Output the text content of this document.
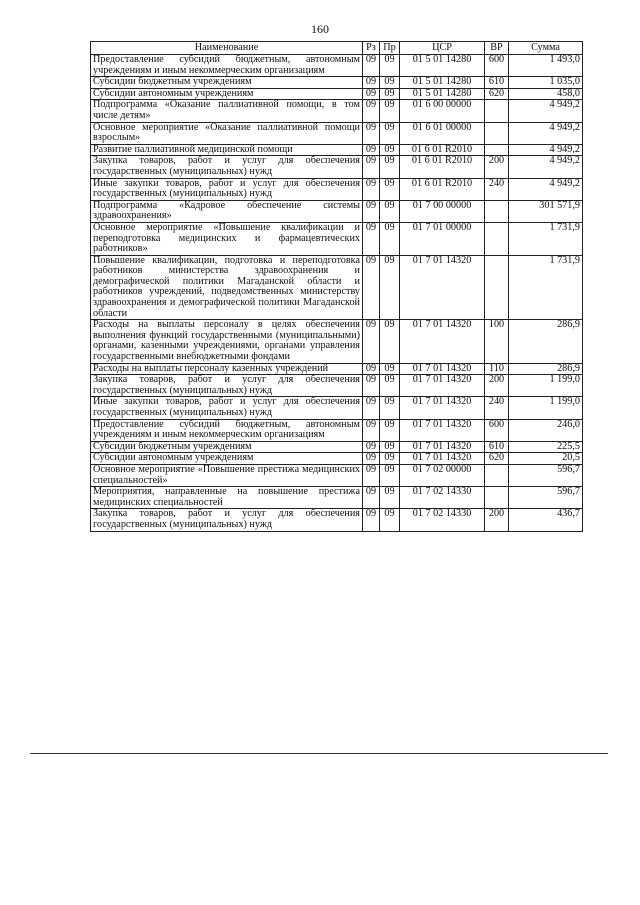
160
Наименование	Рз	Пр	ЦСР	ВР	Сумма
Предоставление субсидий бюджетным, автономным учреждениям и иным некоммерческим организациям	09	09	01 5 01 14280	600	1 493,0
Субсидии бюджетным учреждениям	09	09	01 5 01 14280	610	1 035,0
Субсидии автономным учреждениям	09	09	01 5 01 14280	620	458,0
Подпрограмма «Оказание паллиативной помощи, в том числе детям»	09	09	01 6 00 00000		4 949,2
Основное мероприятие «Оказание паллиативной помощи взрослым»	09	09	01 6 01 00000		4 949,2
Развитие паллиативной медицинской помощи	09	09	01 6 01 R2010		4 949,2
Закупка товаров, работ и услуг для обеспечения государственных (муниципальных) нужд	09	09	01 6 01 R2010	200	4 949,2
Иные закупки товаров, работ и услуг для обеспечения государственных (муниципальных) нужд	09	09	01 6 01 R2010	240	4 949,2
Подпрограмма «Кадровое обеспечение системы здравоохранения»	09	09	01 7 00 00000		301 571,9
Основное мероприятие «Повышение квалификации и переподготовка медицинских и фармацевтических работников»	09	09	01 7 01 00000		1 731,9
Повышение квалификации, подготовка и переподготовка работников министерства здравоохранения и демографической политики Магаданской области и работников учреждений, подведомственных министерству здравоохранения и демографической политики Магаданской области	09	09	01 7 01 14320		1 731,9
Расходы на выплаты персоналу в целях обеспечения выполнения функций государственными (муниципальными) органами, казенными учреждениями, органами управления государственными внебюджетными фондами	09	09	01 7 01 14320	100	286,9
Расходы на выплаты персоналу казенных учреждений	09	09	01 7 01 14320	110	286,9
Закупка товаров, работ и услуг для обеспечения государственных (муниципальных) нужд	09	09	01 7 01 14320	200	1 199,0
Иные закупки товаров, работ и услуг для обеспечения государственных (муниципальных) нужд	09	09	01 7 01 14320	240	1 199,0
Предоставление субсидий бюджетным, автономным учреждениям и иным некоммерческим организациям	09	09	01 7 01 14320	600	246,0
Субсидии бюджетным учреждениям	09	09	01 7 01 14320	610	225,5
Субсидии автономным учреждениям	09	09	01 7 01 14320	620	20,5
Основное мероприятие «Повышение престижа медицинских специальностей»	09	09	01 7 02 00000		596,7
Мероприятия, направленные на повышение престижа медицинских специальностей	09	09	01 7 02 14330		596,7
Закупка товаров, работ и услуг для обеспечения государственных (муниципальных) нужд	09	09	01 7 02 14330	200	436,7
